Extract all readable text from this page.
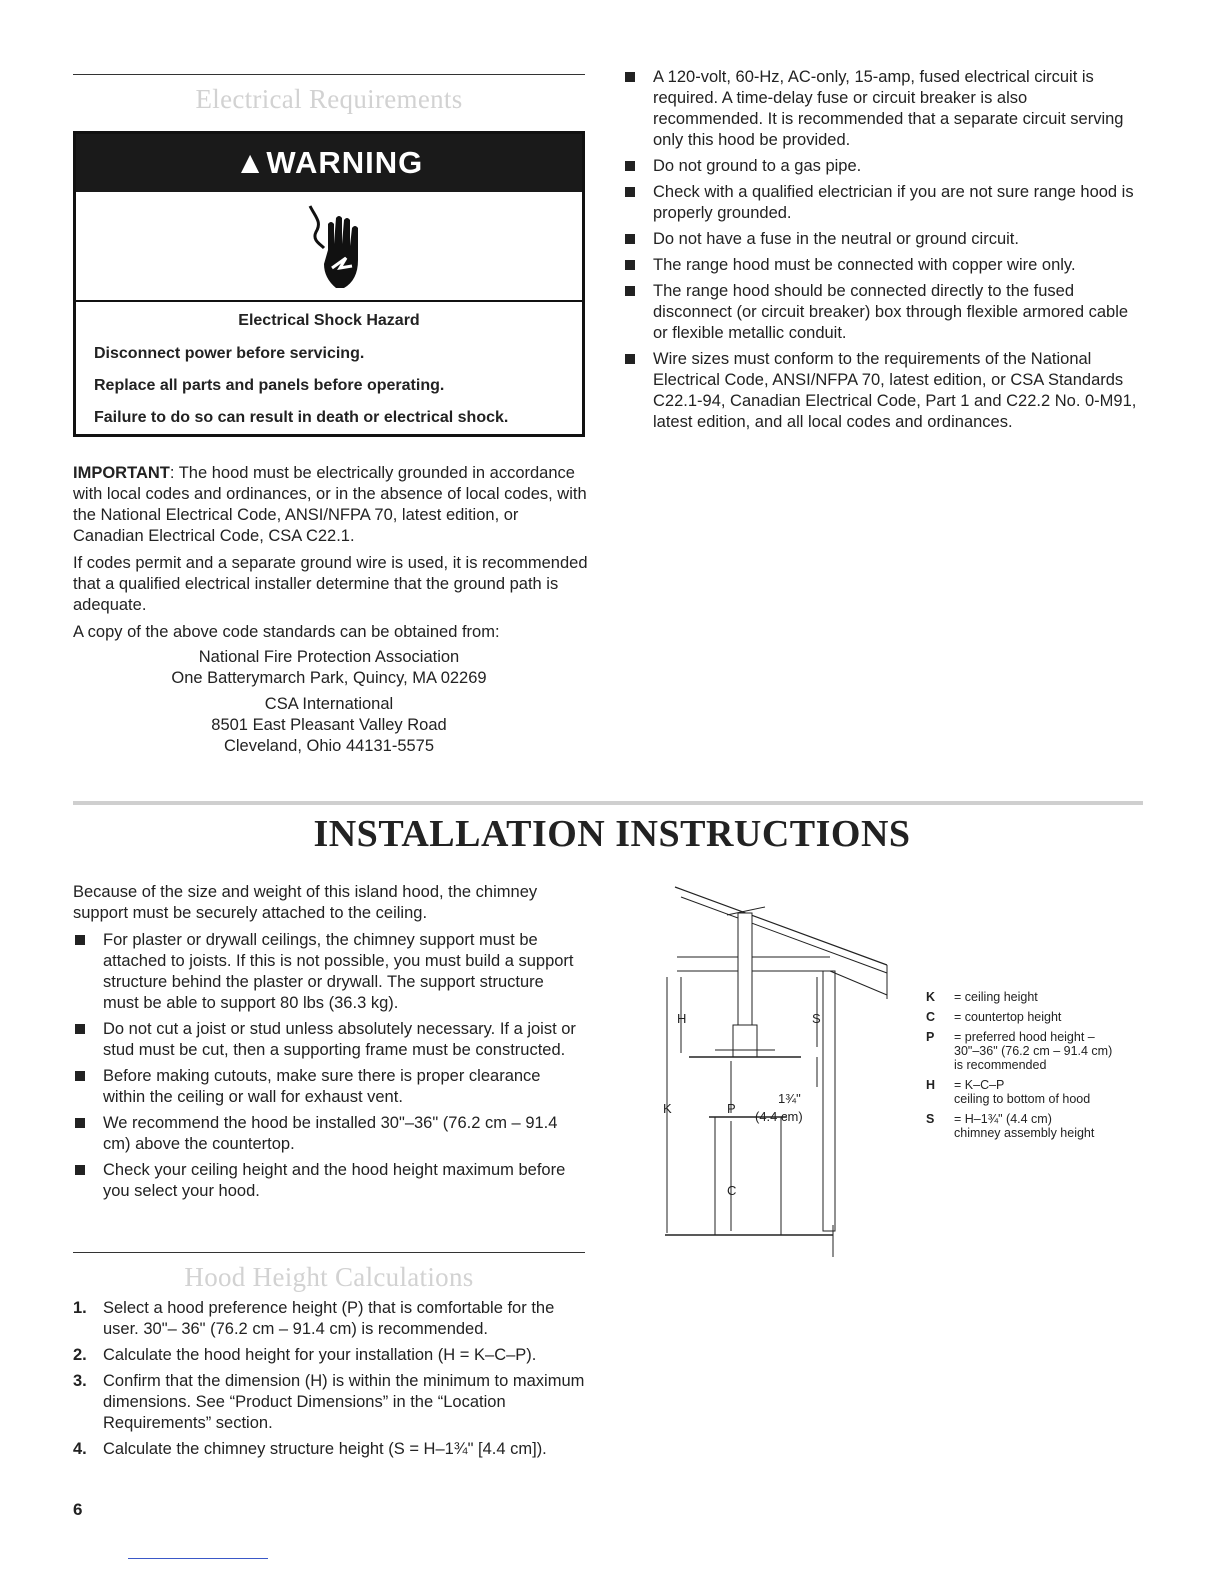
Electrical Requirements
▲WARNING
Electrical Shock Hazard
Disconnect power before servicing.
Replace all parts and panels before operating.
Failure to do so can result in death or electrical shock.
IMPORTANT: The hood must be electrically grounded in accordance with local codes and ordinances, or in the absence of local codes, with the National Electrical Code, ANSI/NFPA 70, latest edition, or Canadian Electrical Code, CSA C22.1.
If codes permit and a separate ground wire is used, it is recommended that a qualified electrical installer determine that the ground path is adequate.
A copy of the above code standards can be obtained from:
National Fire Protection Association
One Batterymarch Park, Quincy, MA 02269
CSA International
8501 East Pleasant Valley Road
Cleveland, Ohio 44131-5575
A 120-volt, 60-Hz, AC-only, 15-amp, fused electrical circuit is required. A time-delay fuse or circuit breaker is also recommended. It is recommended that a separate circuit serving only this hood be provided.
Do not ground to a gas pipe.
Check with a qualified electrician if you are not sure range hood is properly grounded.
Do not have a fuse in the neutral or ground circuit.
The range hood must be connected with copper wire only.
The range hood should be connected directly to the fused disconnect (or circuit breaker) box through flexible armored cable or flexible metallic conduit.
Wire sizes must conform to the requirements of the National Electrical Code, ANSI/NFPA 70, latest edition, or CSA Standards C22.1-94, Canadian Electrical Code, Part 1 and C22.2 No. 0-M91, latest edition, and all local codes and ordinances.
INSTALLATION INSTRUCTIONS
Because of the size and weight of this island hood, the chimney support must be securely attached to the ceiling.
For plaster or drywall ceilings, the chimney support must be attached to joists. If this is not possible, you must build a support structure behind the plaster or drywall. The support structure must be able to support 80 lbs (36.3 kg).
Do not cut a joist or stud unless absolutely necessary. If a joist or stud must be cut, then a supporting frame must be constructed.
Before making cutouts, make sure there is proper clearance within the ceiling or wall for exhaust vent.
We recommend the hood be installed 30"–36" (76.2 cm – 91.4 cm) above the countertop.
Check your ceiling height and the hood height maximum before you select your hood.
H	S
K	P
C
1¾"
(4.4 cm)
K = ceiling height
C = countertop height
P = preferred hood height –
30"–36" (76.2 cm – 91.4 cm)
is recommended
H = K–C–P
ceiling to bottom of hood
S = H–1¾" (4.4 cm)
chimney assembly height
Hood Height Calculations
1. Select a hood preference height (P) that is comfortable for the user. 30"– 36" (76.2 cm – 91.4 cm) is recommended.
2. Calculate the hood height for your installation (H = K–C–P).
3. Confirm that the dimension (H) is within the minimum to maximum dimensions. See “Product Dimensions” in the “Location Requirements” section.
4. Calculate the chimney structure height (S = H–1¾" [4.4 cm]).
6
